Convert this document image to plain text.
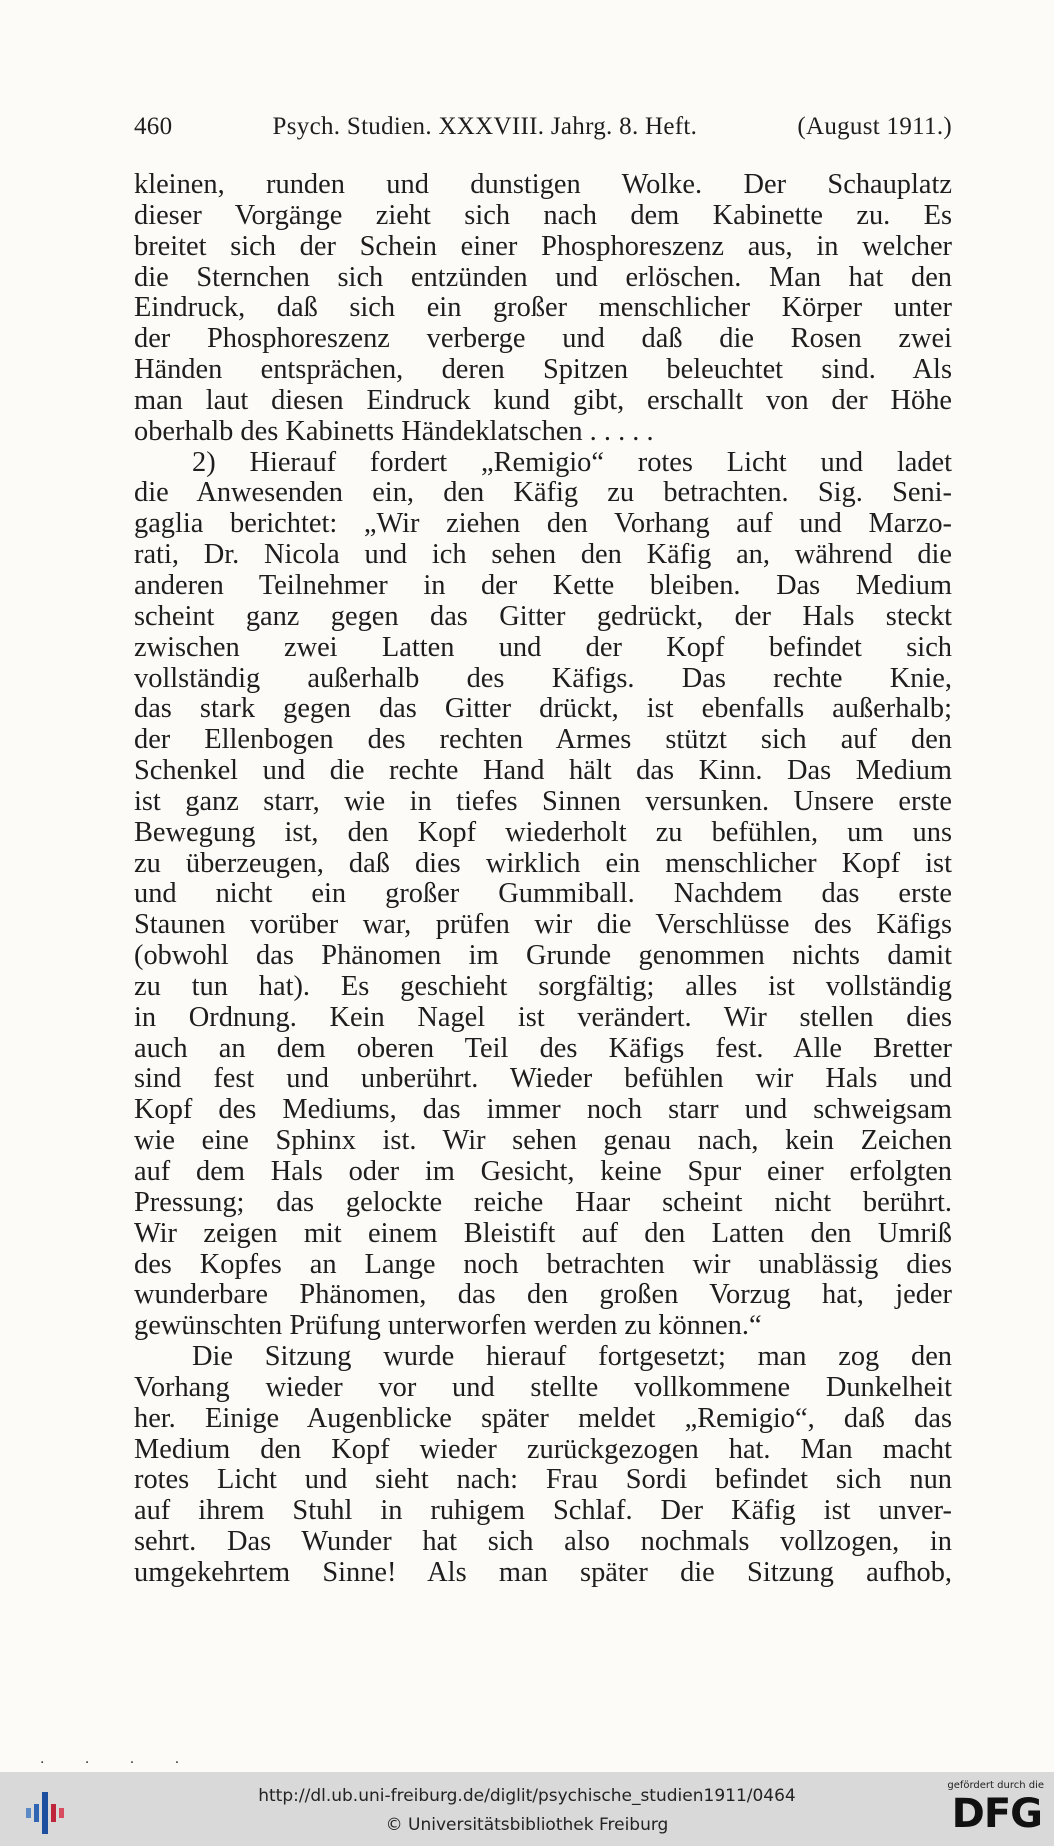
460	Psych. Studien. XXXVIII. Jahrg. 8. Heft.	(August 1911.)
kleinen, runden und dunstigen Wolke. Der Schauplatz
dieser Vorgänge zieht sich nach dem Kabinette zu. Es
breitet sich der Schein einer Phosphoreszenz aus, in welcher
die Sternchen sich entzünden und erlöschen. Man hat den
Eindruck, daß sich ein großer menschlicher Körper unter
der Phosphoreszenz verberge und daß die Rosen zwei
Händen entsprächen, deren Spitzen beleuchtet sind. Als
man laut diesen Eindruck kund gibt, erschallt von der Höhe
oberhalb des Kabinetts Händeklatschen . . . . .
2) Hierauf fordert „Remigio“ rotes Licht und ladet
die Anwesenden ein, den Käfig zu betrachten. Sig. Seni-
gaglia berichtet: „Wir ziehen den Vorhang auf und Marzo-
rati, Dr. Nicola und ich sehen den Käfig an, während die
anderen Teilnehmer in der Kette bleiben. Das Medium
scheint ganz gegen das Gitter gedrückt, der Hals steckt
zwischen zwei Latten und der Kopf befindet sich
vollständig außerhalb des Käfigs. Das rechte Knie,
das stark gegen das Gitter drückt, ist ebenfalls außerhalb;
der Ellenbogen des rechten Armes stützt sich auf den
Schenkel und die rechte Hand hält das Kinn. Das Medium
ist ganz starr, wie in tiefes Sinnen versunken. Unsere erste
Bewegung ist, den Kopf wiederholt zu befühlen, um uns
zu überzeugen, daß dies wirklich ein menschlicher Kopf ist
und nicht ein großer Gummiball. Nachdem das erste
Staunen vorüber war, prüfen wir die Verschlüsse des Käfigs
(obwohl das Phänomen im Grunde genommen nichts damit
zu tun hat). Es geschieht sorgfältig; alles ist vollständig
in Ordnung. Kein Nagel ist verändert. Wir stellen dies
auch an dem oberen Teil des Käfigs fest. Alle Bretter
sind fest und unberührt. Wieder befühlen wir Hals und
Kopf des Mediums, das immer noch starr und schweigsam
wie eine Sphinx ist. Wir sehen genau nach, kein Zeichen
auf dem Hals oder im Gesicht, keine Spur einer erfolgten
Pressung; das gelockte reiche Haar scheint nicht berührt.
Wir zeigen mit einem Bleistift auf den Latten den Umriß
des Kopfes an Lange noch betrachten wir unablässig dies
wunderbare Phänomen, das den großen Vorzug hat, jeder
gewünschten Prüfung unterworfen werden zu können.“
Die Sitzung wurde hierauf fortgesetzt; man zog den
Vorhang wieder vor und stellte vollkommene Dunkelheit
her. Einige Augenblicke später meldet „Remigio“, daß das
Medium den Kopf wieder zurückgezogen hat. Man macht
rotes Licht und sieht nach: Frau Sordi befindet sich nun
auf ihrem Stuhl in ruhigem Schlaf. Der Käfig ist unver-
sehrt. Das Wunder hat sich also nochmals vollzogen, in
umgekehrtem Sinne! Als man später die Sitzung aufhob,
· · · ·
http://dl.ub.uni-freiburg.de/diglit/psychische_studien1911/0464
© Universitätsbibliothek Freiburg
gefördert durch die
DFG
